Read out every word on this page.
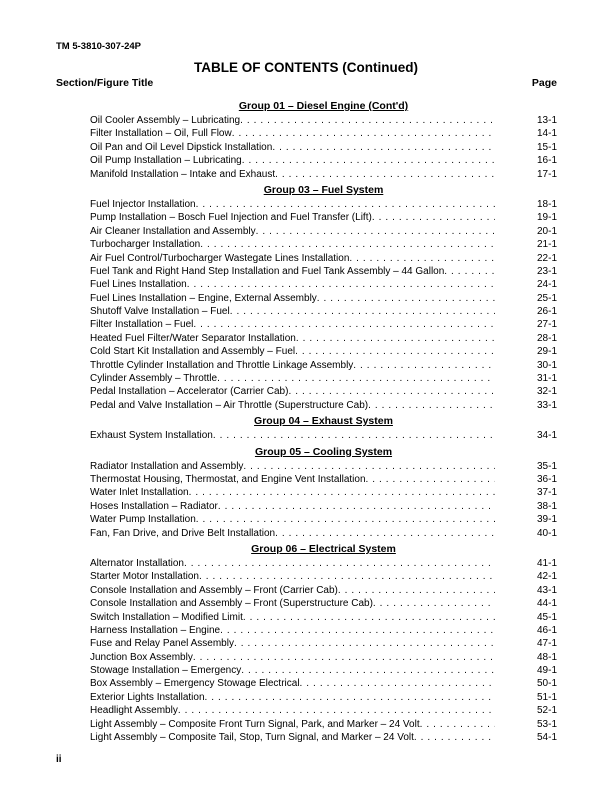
TM 5-3810-307-24P
TABLE OF CONTENTS (Continued)
Section/Figure Title	Page
Group 01 – Diesel Engine (Cont'd)
Oil Cooler Assembly – Lubricating . . .	13-1
Filter Installation – Oil, Full Flow . . .	14-1
Oil Pan and Oil Level Dipstick Installation . . .	15-1
Oil Pump Installation – Lubricating . . .	16-1
Manifold Installation – Intake and Exhaust . . .	17-1
Group 03 – Fuel System
Fuel Injector Installation . . .	18-1
Pump Installation – Bosch Fuel Injection and Fuel Transfer (Lift) . . .	19-1
Air Cleaner Installation and Assembly . . .	20-1
Turbocharger Installation . . .	21-1
Air Fuel Control/Turbocharger Wastegate Lines Installation . . .	22-1
Fuel Tank and Right Hand Step Installation and Fuel Tank Assembly – 44 Gallon . . .	23-1
Fuel Lines Installation . . .	24-1
Fuel Lines Installation – Engine, External Assembly . . .	25-1
Shutoff Valve Installation – Fuel . . .	26-1
Filter Installation – Fuel . . .	27-1
Heated Fuel Filter/Water Separator Installation . . .	28-1
Cold Start Kit Installation and Assembly – Fuel . . .	29-1
Throttle Cylinder Installation and Throttle Linkage Assembly . . .	30-1
Cylinder Assembly – Throttle . . .	31-1
Pedal Installation – Accelerator (Carrier Cab) . . .	32-1
Pedal and Valve Installation – Air Throttle (Superstructure Cab) . . .	33-1
Group 04 – Exhaust System
Exhaust System Installation . . .	34-1
Group 05 – Cooling System
Radiator Installation and Assembly . . .	35-1
Thermostat Housing, Thermostat, and Engine Vent Installation . . .	36-1
Water Inlet Installation . . .	37-1
Hoses Installation – Radiator . . .	38-1
Water Pump Installation . . .	39-1
Fan, Fan Drive, and Drive Belt Installation . . .	40-1
Group 06 – Electrical System
Alternator Installation . . .	41-1
Starter Motor Installation . . .	42-1
Console Installation and Assembly – Front (Carrier Cab) . . .	43-1
Console Installation and Assembly – Front (Superstructure Cab) . . .	44-1
Switch Installation – Modified Limit . . .	45-1
Harness Installation – Engine . . .	46-1
Fuse and Relay Panel Assembly . . .	47-1
Junction Box Assembly . . .	48-1
Stowage Installation – Emergency . . .	49-1
Box Assembly – Emergency Stowage Electrical . . .	50-1
Exterior Lights Installation . . .	51-1
Headlight Assembly . . .	52-1
Light Assembly – Composite Front Turn Signal, Park, and Marker – 24 Volt . . .	53-1
Light Assembly – Composite Tail, Stop, Turn Signal, and Marker – 24 Volt . . .	54-1
ii
